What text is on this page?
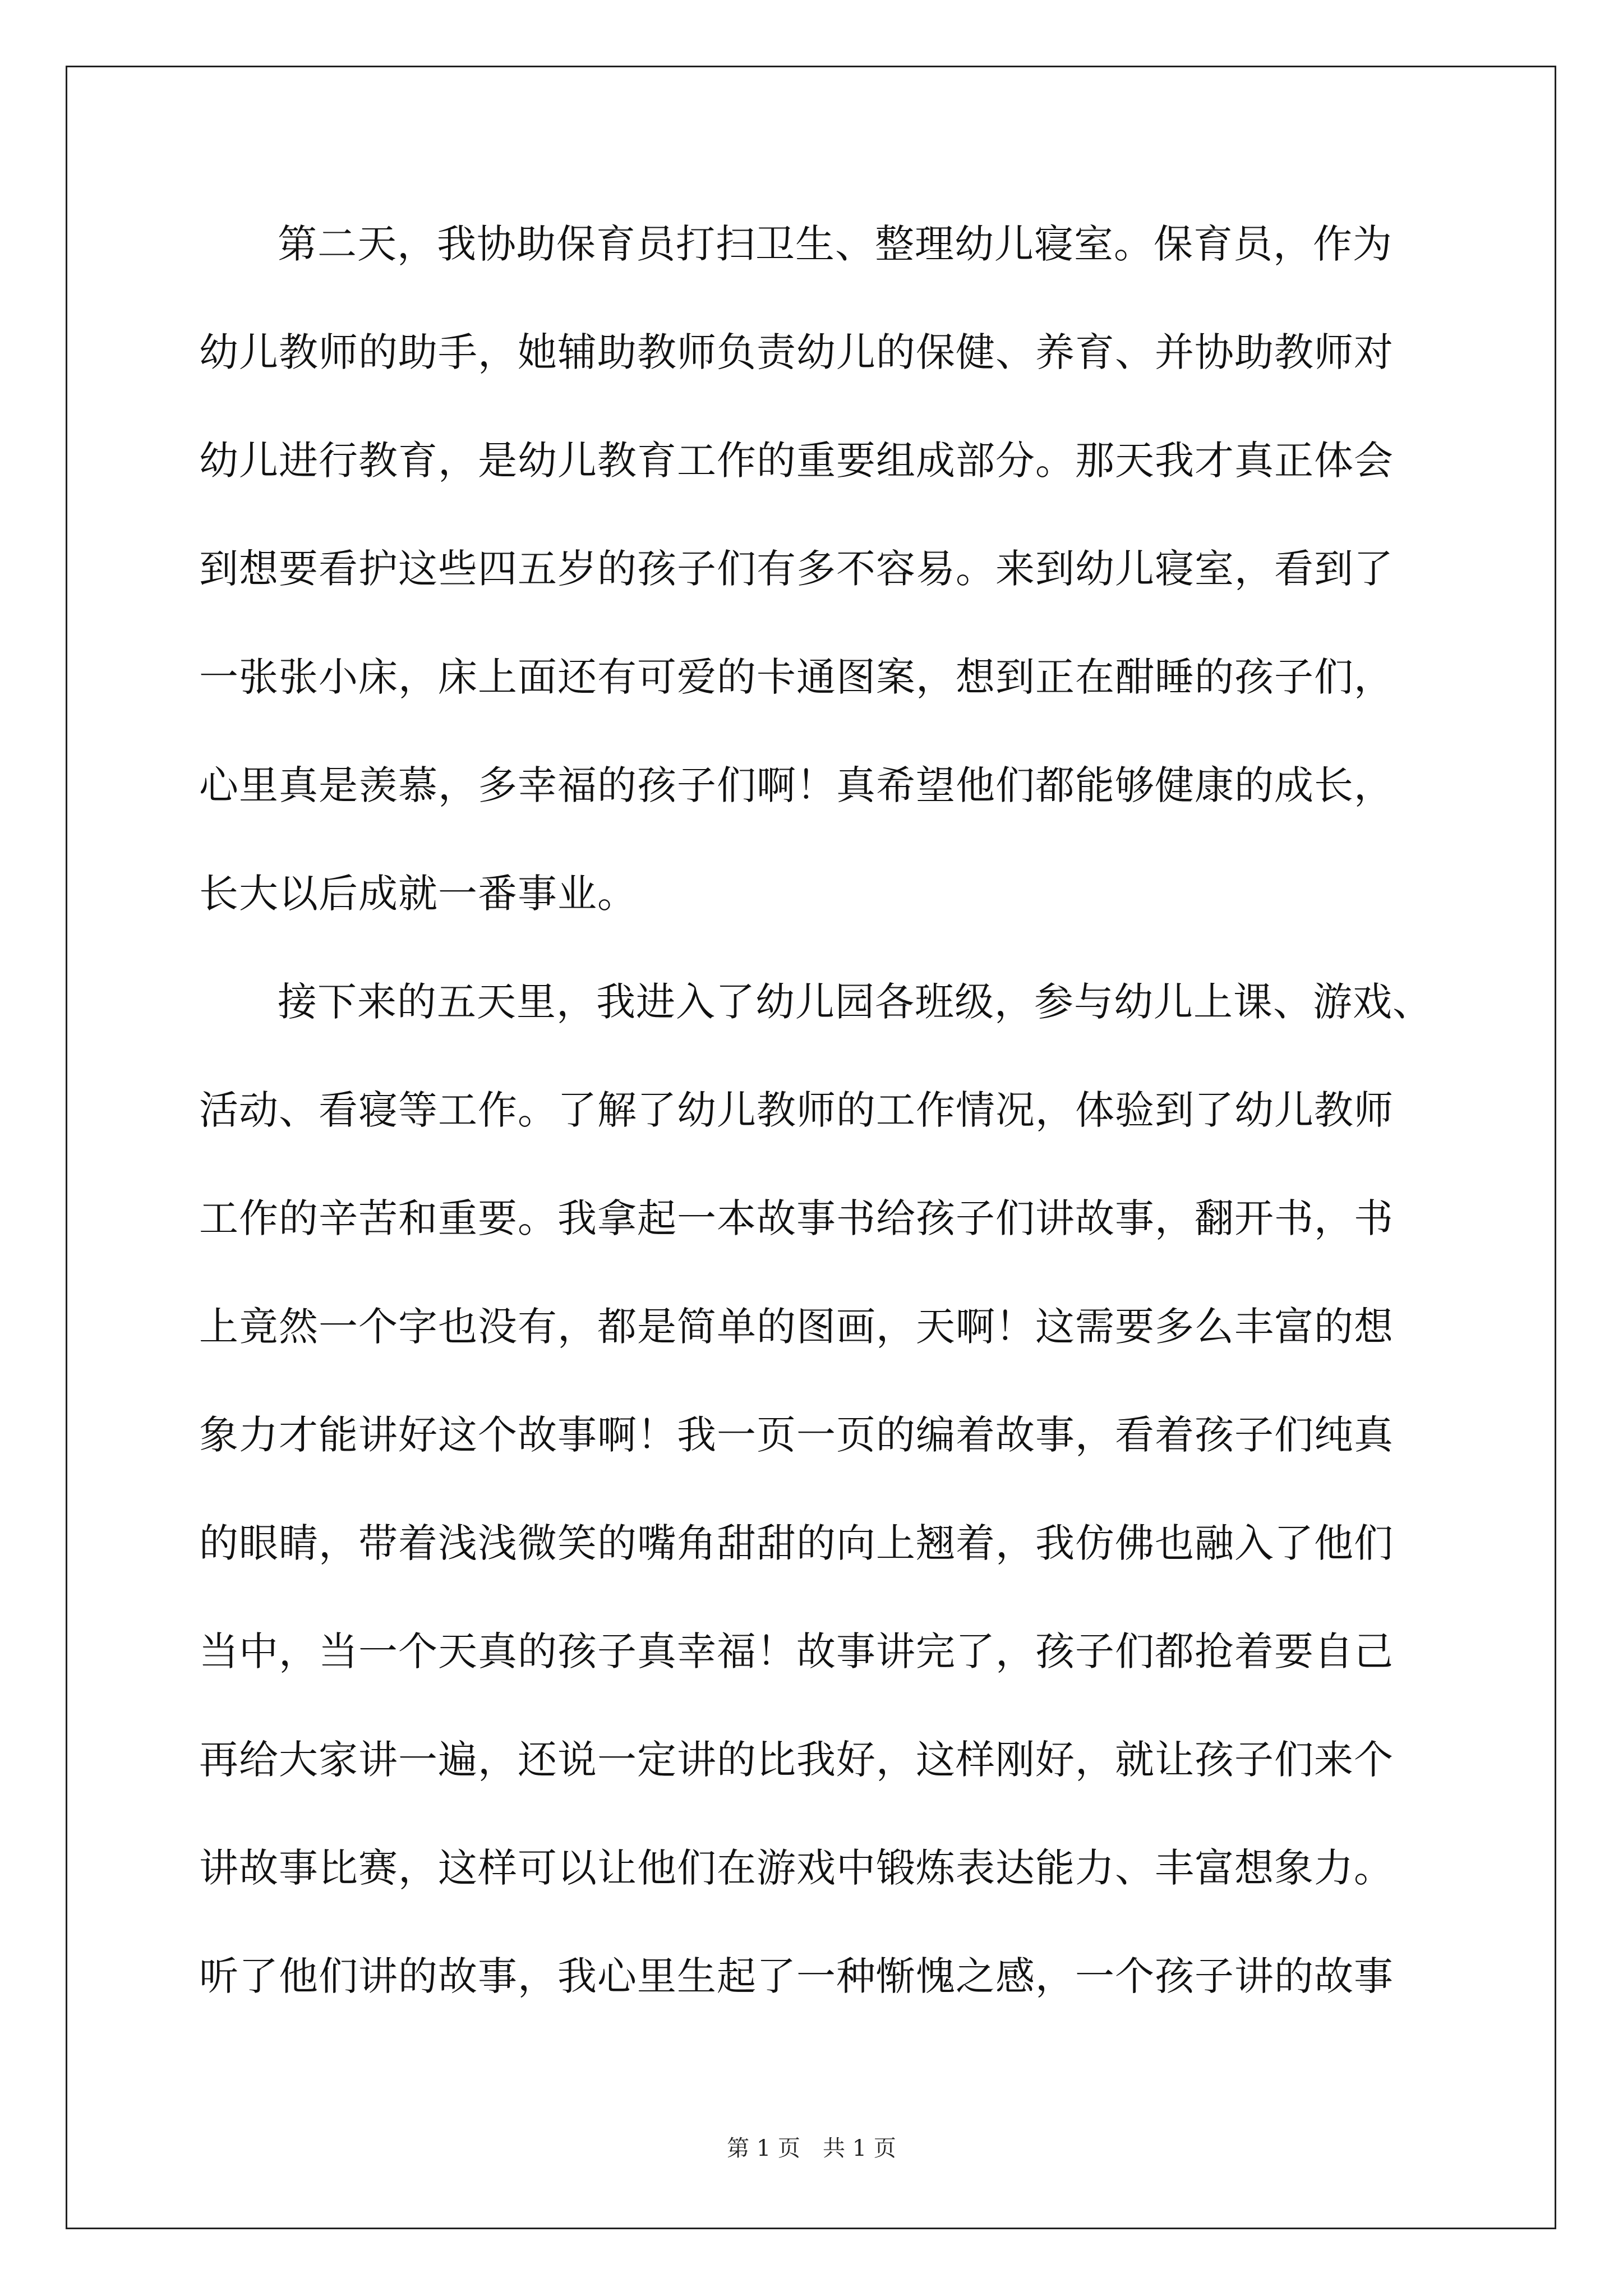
第二天，我协助保育员打扫卫生、整理幼儿寝室。保育员，作为
幼儿教师的助手，她辅助教师负责幼儿的保健、养育、并协助教师对
幼儿进行教育，是幼儿教育工作的重要组成部分。那天我才真正体会
到想要看护这些四五岁的孩子们有多不容易。来到幼儿寝室，看到了
一张张小床，床上面还有可爱的卡通图案，想到正在酣睡的孩子们，
心里真是羡慕，多幸福的孩子们啊！真希望他们都能够健康的成长，
长大以后成就一番事业。
接下来的五天里，我进入了幼儿园各班级，参与幼儿上课、游戏、
活动、看寝等工作。了解了幼儿教师的工作情况，体验到了幼儿教师
工作的辛苦和重要。我拿起一本故事书给孩子们讲故事，翻开书，书
上竟然一个字也没有，都是简单的图画，天啊！这需要多么丰富的想
象力才能讲好这个故事啊！我一页一页的编着故事，看着孩子们纯真
的眼睛，带着浅浅微笑的嘴角甜甜的向上翘着，我仿佛也融入了他们
当中，当一个天真的孩子真幸福！故事讲完了，孩子们都抢着要自己
再给大家讲一遍，还说一定讲的比我好，这样刚好，就让孩子们来个
讲故事比赛，这样可以让他们在游戏中锻炼表达能力、丰富想象力。
听了他们讲的故事，我心里生起了一种惭愧之感，一个孩子讲的故事
第 1 页　共 1 页
